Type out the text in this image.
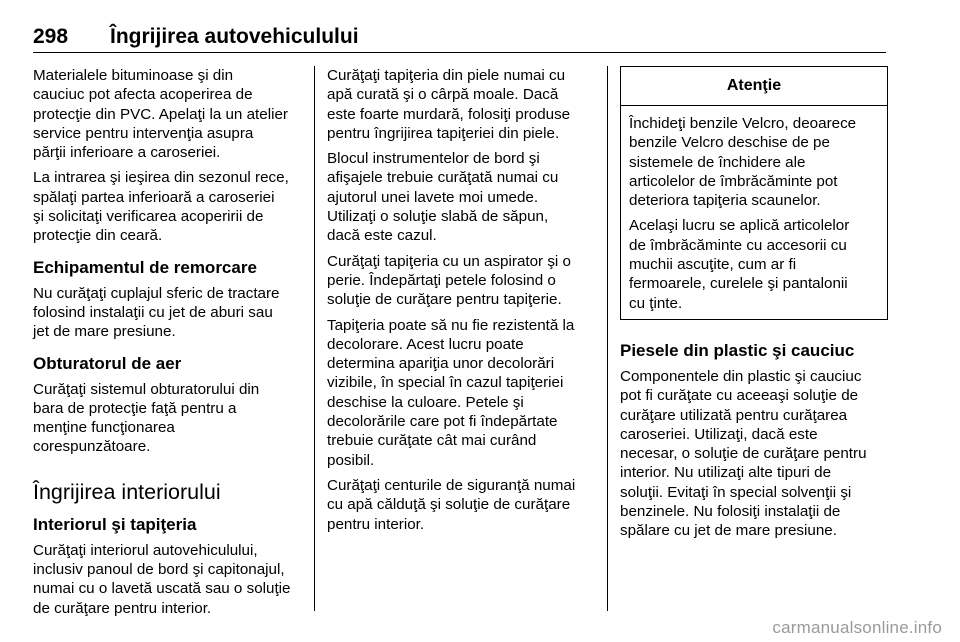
298 Îngrijirea autovehiculului

Materialele bituminoase şi din
cauciuc pot afecta acoperirea de
protecţie din PVC. Apelaţi la un atelier
service pentru intervenţia asupra
părţii inferioare a caroseriei.

La intrarea şi ieşirea din sezonul rece,
spălaţi partea inferioară a caroseriei
şi solicitaţi verificarea acoperirii de
protecţie din ceară.

Echipamentul de remorcare

Nu curăţaţi cuplajul sferic de tractare
folosind instalaţii cu jet de aburi sau
jet de mare presiune.

Obturatorul de aer

Curăţaţi sistemul obturatorului din
bara de protecţie faţă pentru a
menţine funcţionarea
corespunzătoare.

Îngrijirea interiorului
Interiorul şi tapiţeria

Curăţaţi interiorul autovehiculului,
inclusiv panoul de bord şi capitonajul,
numai cu o lavetă uscată sau o soluţie
de curăţare pentru interior.

Curăţaţi tapiţeria din piele numai cu
apă curată şi o cârpă moale. Dacă
este foarte murdară, folosiţi produse
pentru îngrijirea tapiţeriei din piele.

Blocul instrumentelor de bord şi
afişajele trebuie curăţată numai cu
ajutorul unei lavete moi umede.
Utilizaţi o soluţie slabă de săpun,
dacă este cazul.

Curăţaţi tapiţeria cu un aspirator şi o
perie. Îndepărtaţi petele folosind o
soluţie de curăţare pentru tapiţerie.

Tapiţeria poate să nu fie rezistentă la
decolorare. Acest lucru poate
determina apariţia unor decolorări
vizibile, în special în cazul tapiţeriei
deschise la culoare. Petele şi
decolorările care pot fi îndepărtate
trebuie curăţate cât mai curând
posibil.

Curăţaţi centurile de siguranţă numai
cu apă călduţă şi soluţie de curăţare
pentru interior.

Atenţie

Închideţi benzile Velcro, deoarece
benzile Velcro deschise de pe
sistemele de închidere ale
articolelor de îmbrăcăminte pot
deteriora tapiţeria scaunelor.

Acelaşi lucru se aplică articolelor
de îmbrăcăminte cu accesorii cu
muchii ascuţite, cum ar fi
fermoarele, curelele şi pantalonii
cu ţinte.

Piesele din plastic şi cauciuc

Componentele din plastic şi cauciuc
pot fi curăţate cu aceeaşi soluţie de
curăţare utilizată pentru curăţarea
caroseriei. Utilizaţi, dacă este
necesar, o soluţie de curăţare pentru
interior. Nu utilizaţi alte tipuri de
soluţii. Evitaţi în special solvenţii şi
benzinele. Nu folosiţi instalaţii de
spălare cu jet de mare presiune.

carmanualsonline.info
